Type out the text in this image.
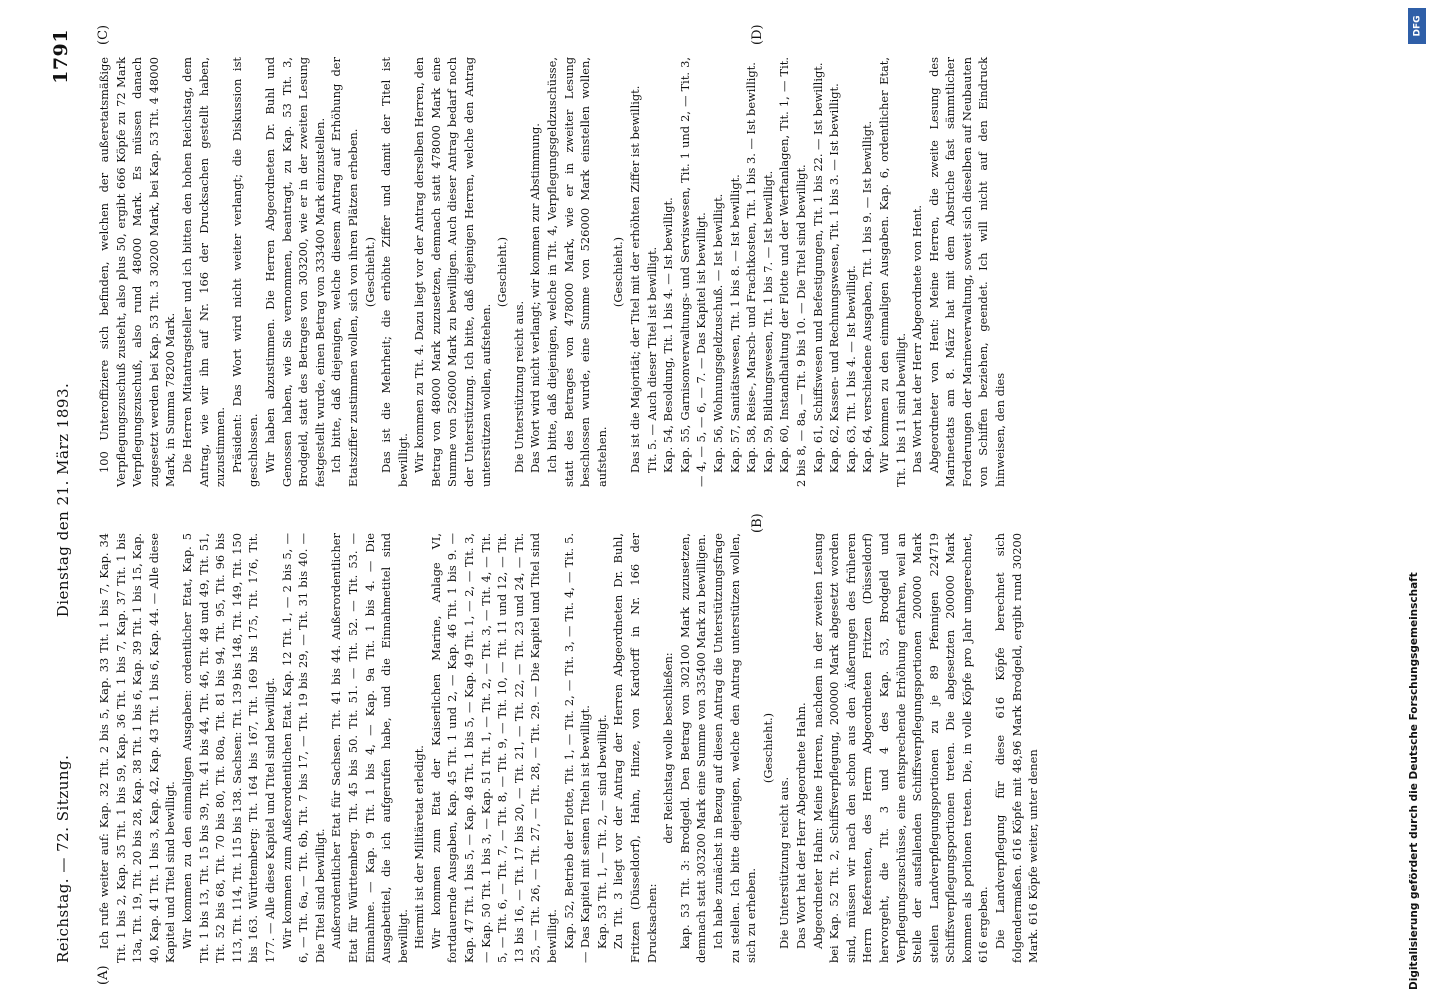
Reichstag. — 72. Sitzung.
Dienstag den 21. März 1893.
1791
(A)
(B)
(C)	(D)

Ich rufe weiter auf: Kap. 32 Tit. 2 bis 5, Kap. 33 Tit. 1 bis 7, Kap. 34 Tit. 1 bis 2, Kap. 35 Tit. 1 bis 59, Kap. 36 Tit. 1 bis 7, Kap. 37 Tit. 1 bis 13a, Tit. 19, Tit. 20 bis 28, Kap. 38 Tit. 1 bis 6, Kap. 39 Tit. 1 bis 15, Kap. 40, Kap. 41 Tit. 1 bis 3, Kap. 42, Kap. 43 Tit. 1 bis 6, Kap. 44. — Alle diese Kapitel und Titel sind bewilligt. Wir kommen zu den einmaligen Ausgaben: ordentlicher Etat, Kap. 5 Tit. 1 bis 13, Tit. 15 bis 39, Tit. 41 bis 44, Tit. 46, Tit. 48 und 49, Tit. 51, Tit. 52 bis 68, Tit. 70 bis 80, Tit. 80a, Tit. 81 bis 94, Tit. 95, Tit. 96 bis 113, Tit. 114, Tit. 115 bis 138. Sachsen: Tit. 139 bis 148, Tit. 149, Tit. 150 bis 163. Württemberg: Tit. 164 bis 167, Tit. 169 bis 175, Tit. 176, Tit. 177. — Alle diese Kapitel und Titel sind bewilligt. Wir kommen zum Außerordentlichen Etat. Kap. 12 Tit. 1, — 2 bis 5, — 6, — Tit. 6a, — Tit. 6b, Tit. 7 bis 17, — Tit. 19 bis 29, — Tit. 31 bis 40. — Die Titel sind bewilligt. Außerordentlicher Etat für Sachsen. Tit. 41 bis 44. Außerordentlicher Etat für Württemberg. Tit. 45 bis 50. Tit. 51. — Tit. 52. — Tit. 53. — Einnahme. — Kap. 9 Tit. 1 bis 4, — Kap. 9a Tit. 1 bis 4. — Die Ausgabetitel, die ich aufgerufen habe, und die Einnahmetitel sind bewilligt. Hiermit ist der Militäretat erledigt. Wir kommen zum Etat der Kaiserlichen Marine, Anlage VI, fortdauernde Ausgaben, Kap. 45 Tit. 1 und 2, — Kap. 46 Tit. 1 bis 9. — Kap. 47 Tit. 1 bis 5, — Kap. 48 Tit. 1 bis 5, — Kap. 49 Tit. 1, — 2, — Tit. 3, — Kap. 50 Tit. 1 bis 3, — Kap. 51 Tit. 1, — Tit. 2, — Tit. 3, — Tit. 4, — Tit. 5, — Tit. 6, — Tit. 7, — Tit. 8, — Tit. 9, — Tit. 10, — Tit. 11 und 12, — Tit. 13 bis 16, — Tit. 17 bis 20, — Tit. 21, — Tit. 22, — Tit. 23 und 24, — Tit. 25, — Tit. 26, — Tit. 27, — Tit. 28, — Tit. 29. — Die Kapitel und Titel sind bewilligt. Kap. 52, Betrieb der Flotte, Tit. 1, — Tit. 2, — Tit. 3, — Tit. 4, — Tit. 5. — Das Kapitel mit seinen Titeln ist bewilligt. Kap. 53 Tit. 1, — Tit. 2, — sind bewilligt. Zu Tit. 3 liegt vor der Antrag der Herren Abgeordneten Dr. Buhl, Fritzen (Düsseldorf), Hahn, Hinze, von Kardorff in Nr. 166 der Drucksachen:

der Reichstag wolle beschließen: kap. 53 Tit. 3: Brodgeld. Den Betrag von 302100 Mark zuzusetzen, demnach statt 303200 Mark eine Summe von 335400 Mark zu bewilligen. Ich habe zunächst in Bezug auf diesen Antrag die Unterstützungsfrage zu stellen. Ich bitte diejenigen, welche den Antrag unterstützen wollen, sich zu erheben.

(Geschieht.)

Die Unterstützung reicht aus. Das Wort hat der Herr Abgeordnete Hahn. Abgeordneter Hahn: Meine Herren, nachdem in der zweiten Lesung bei Kap. 52 Tit. 2, Schiffsverpflegung, 200000 Mark abgesetzt worden sind, müssen wir nach den schon aus den Äußerungen des früheren Herrn Referenten, des Herrn Abgeordneten Fritzen (Düsseldorf) hervorgeht, die Tit. 3 und 4 des Kap. 53, Brodgeld und Verpflegungszuschüsse, eine entsprechende Erhöhung erfahren, weil an Stelle der ausfallenden Schiffsverpflegungsportionen 200000 Mark stellen Landverpflegungsportionen zu je 89 Pfennigen 224719 Schiffsverpflegungsportionen treten. Die abgesetzten 200000 Mark kommen als porlionen treten. Die, in volle Köpfe pro Jahr umgerechnet, 616 ergeben. Die Landverpflegung für diese 616 Köpfe berechnet sich folgendermaßen. 616 Köpfe mit 48,96 Mark Brodgeld, ergibt rund 30200 Mark. 616 Köpfe weiter, unter denen

100 Unteroffiziere sich befinden, welchen der außeretatsmäßige Verpflegungszuschuß zusteht, also plus 50, ergibt 666 Köpfe zu 72 Mark Verpflegungszuschuß, also rund 48000 Mark. Es müssen danach zugesetzt werden bei Kap. 53 Tit. 3 30200 Mark, bei Kap. 53 Tit. 4 48000 Mark, in Summa 78200 Mark. Die Herren Mitantragsteller und ich bitten den hohen Reichstag, dem Antrag, wie wir ihn auf Nr. 166 der Drucksachen gestellt haben, zuzustimmen. Präsident: Das Wort wird nicht weiter verlangt; die Diskussion ist geschlossen. Wir haben abzustimmen. Die Herren Abgeordneten Dr. Buhl und Genossen haben, wie Sie vernommen, beantragt, zu Kap. 53 Tit. 3, Brodgeld, statt des Betrages von 303200, wie er in der zweiten Lesung festgestellt wurde, einen Betrag von 333400 Mark einzustellen. Ich bitte, daß diejenigen, welche diesem Antrag auf Erhöhung der Etatsziffer zustimmen wollen, sich von ihren Plätzen erheben. (Geschieht.) Das ist die Mehrheit; die erhöhte Ziffer und damit der Titel ist bewilligt. Wir kommen zu Tit. 4. Dazu liegt vor der Antrag derselben Herren, den Betrag von 48000 Mark zuzusetzen, demnach statt 478000 Mark eine Summe von 526000 Mark zu bewilligen. Auch dieser Antrag bedarf noch der Unterstützung. Ich bitte, daß diejenigen Herren, welche den Antrag unterstützen wollen, aufstehen.

(Geschieht.)

Die Unterstützung reicht aus. Das Wort wird nicht verlangt; wir kommen zur Abstimmung. Ich bitte, daß diejenigen, welche in Tit. 4, Verpflegungsgeldzuschüsse, statt des Betrages von 478000 Mark, wie er in zweiter Lesung beschlossen wurde, eine Summe von 526000 Mark einstellen wollen, aufstehen.

(Geschieht.) Das ist die Majorität; der Titel mit der erhöhten Ziffer ist bewilligt. Tit. 5. — Auch dieser Titel ist bewilligt. Kap. 54, Besoldung, Tit. 1 bis 4. — Ist bewilligt. Kap. 55, Garnisonverwaltungs- und Serviswesen, Tit. 1 und 2, — Tit. 3, — 4, — 5, — 6, — 7. — Das Kapitel ist bewilligt. Kap. 56, Wohnungsgeldzuschuß. — Ist bewilligt. Kap. 57, Sanitätswesen, Tit. 1 bis 8. — Ist bewilligt. Kap. 58, Reise-, Marsch- und Frachtkosten, Tit. 1 bis 3. — Ist bewilligt. Kap. 59, Bildungswesen, Tit. 1 bis 7. — Ist bewilligt. Kap. 60, Instandhaltung der Flotte und der Werftanlagen, Tit. 1, — Tit. 2 bis 8, — 8a, — Tit. 9 bis 10. — Die Titel sind bewilligt. Kap. 61, Schiffswesen und Befestigungen, Tit. 1 bis 22. — Ist bewilligt. Kap. 62, Kassen- und Rechnungswesen, Tit. 1 bis 3. — Ist bewilligt. Kap. 63, Tit. 1 bis 4. — Ist bewilligt. Kap. 64, verschiedene Ausgaben, Tit. 1 bis 9. — Ist bewilligt. Wir kommen zu den einmaligen Ausgaben. Kap. 6, ordentlicher Etat, Tit. 1 bis 11 sind bewilligt. Das Wort hat der Herr Abgeordnete von Hent. Abgeordneter von Hent: Meine Herren, die zweite Lesung des Marineetats am 8. März hat mit dem Abstriche fast sämmtlicher Forderungen der Marineverwaltung, soweit sich dieselben auf Neubauten von Schiffen beziehen, geendet. Ich will nicht auf den Eindruck hinweisen, den dies

DFG
Digitalisierung gefördert durch die Deutsche Forschungsgemeinschaft
